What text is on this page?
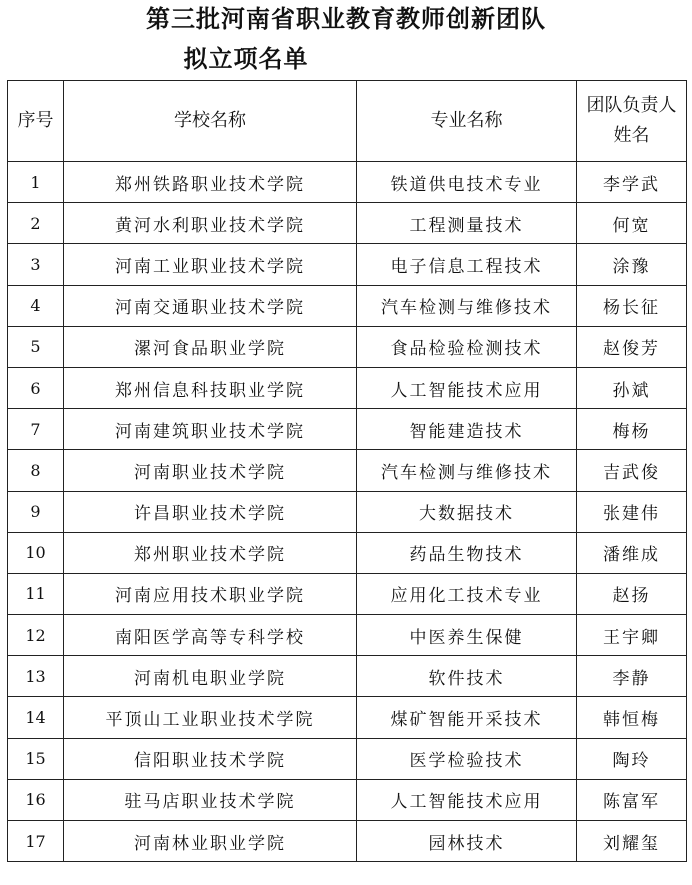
第三批河南省职业教育教师创新团队
拟立项名单
序号	学校名称	专业名称	团队负责人姓名
1	郑州铁路职业技术学院	铁道供电技术专业	李学武
2	黄河水利职业技术学院	工程测量技术	何宽
3	河南工业职业技术学院	电子信息工程技术	涂豫
4	河南交通职业技术学院	汽车检测与维修技术	杨长征
5	漯河食品职业学院	食品检验检测技术	赵俊芳
6	郑州信息科技职业学院	人工智能技术应用	孙斌
7	河南建筑职业技术学院	智能建造技术	梅杨
8	河南职业技术学院	汽车检测与维修技术	吉武俊
9	许昌职业技术学院	大数据技术	张建伟
10	郑州职业技术学院	药品生物技术	潘维成
11	河南应用技术职业学院	应用化工技术专业	赵扬
12	南阳医学高等专科学校	中医养生保健	王宇卿
13	河南机电职业学院	软件技术	李静
14	平顶山工业职业技术学院	煤矿智能开采技术	韩恒梅
15	信阳职业技术学院	医学检验技术	陶玲
16	驻马店职业技术学院	人工智能技术应用	陈富军
17	河南林业职业学院	园林技术	刘耀玺
